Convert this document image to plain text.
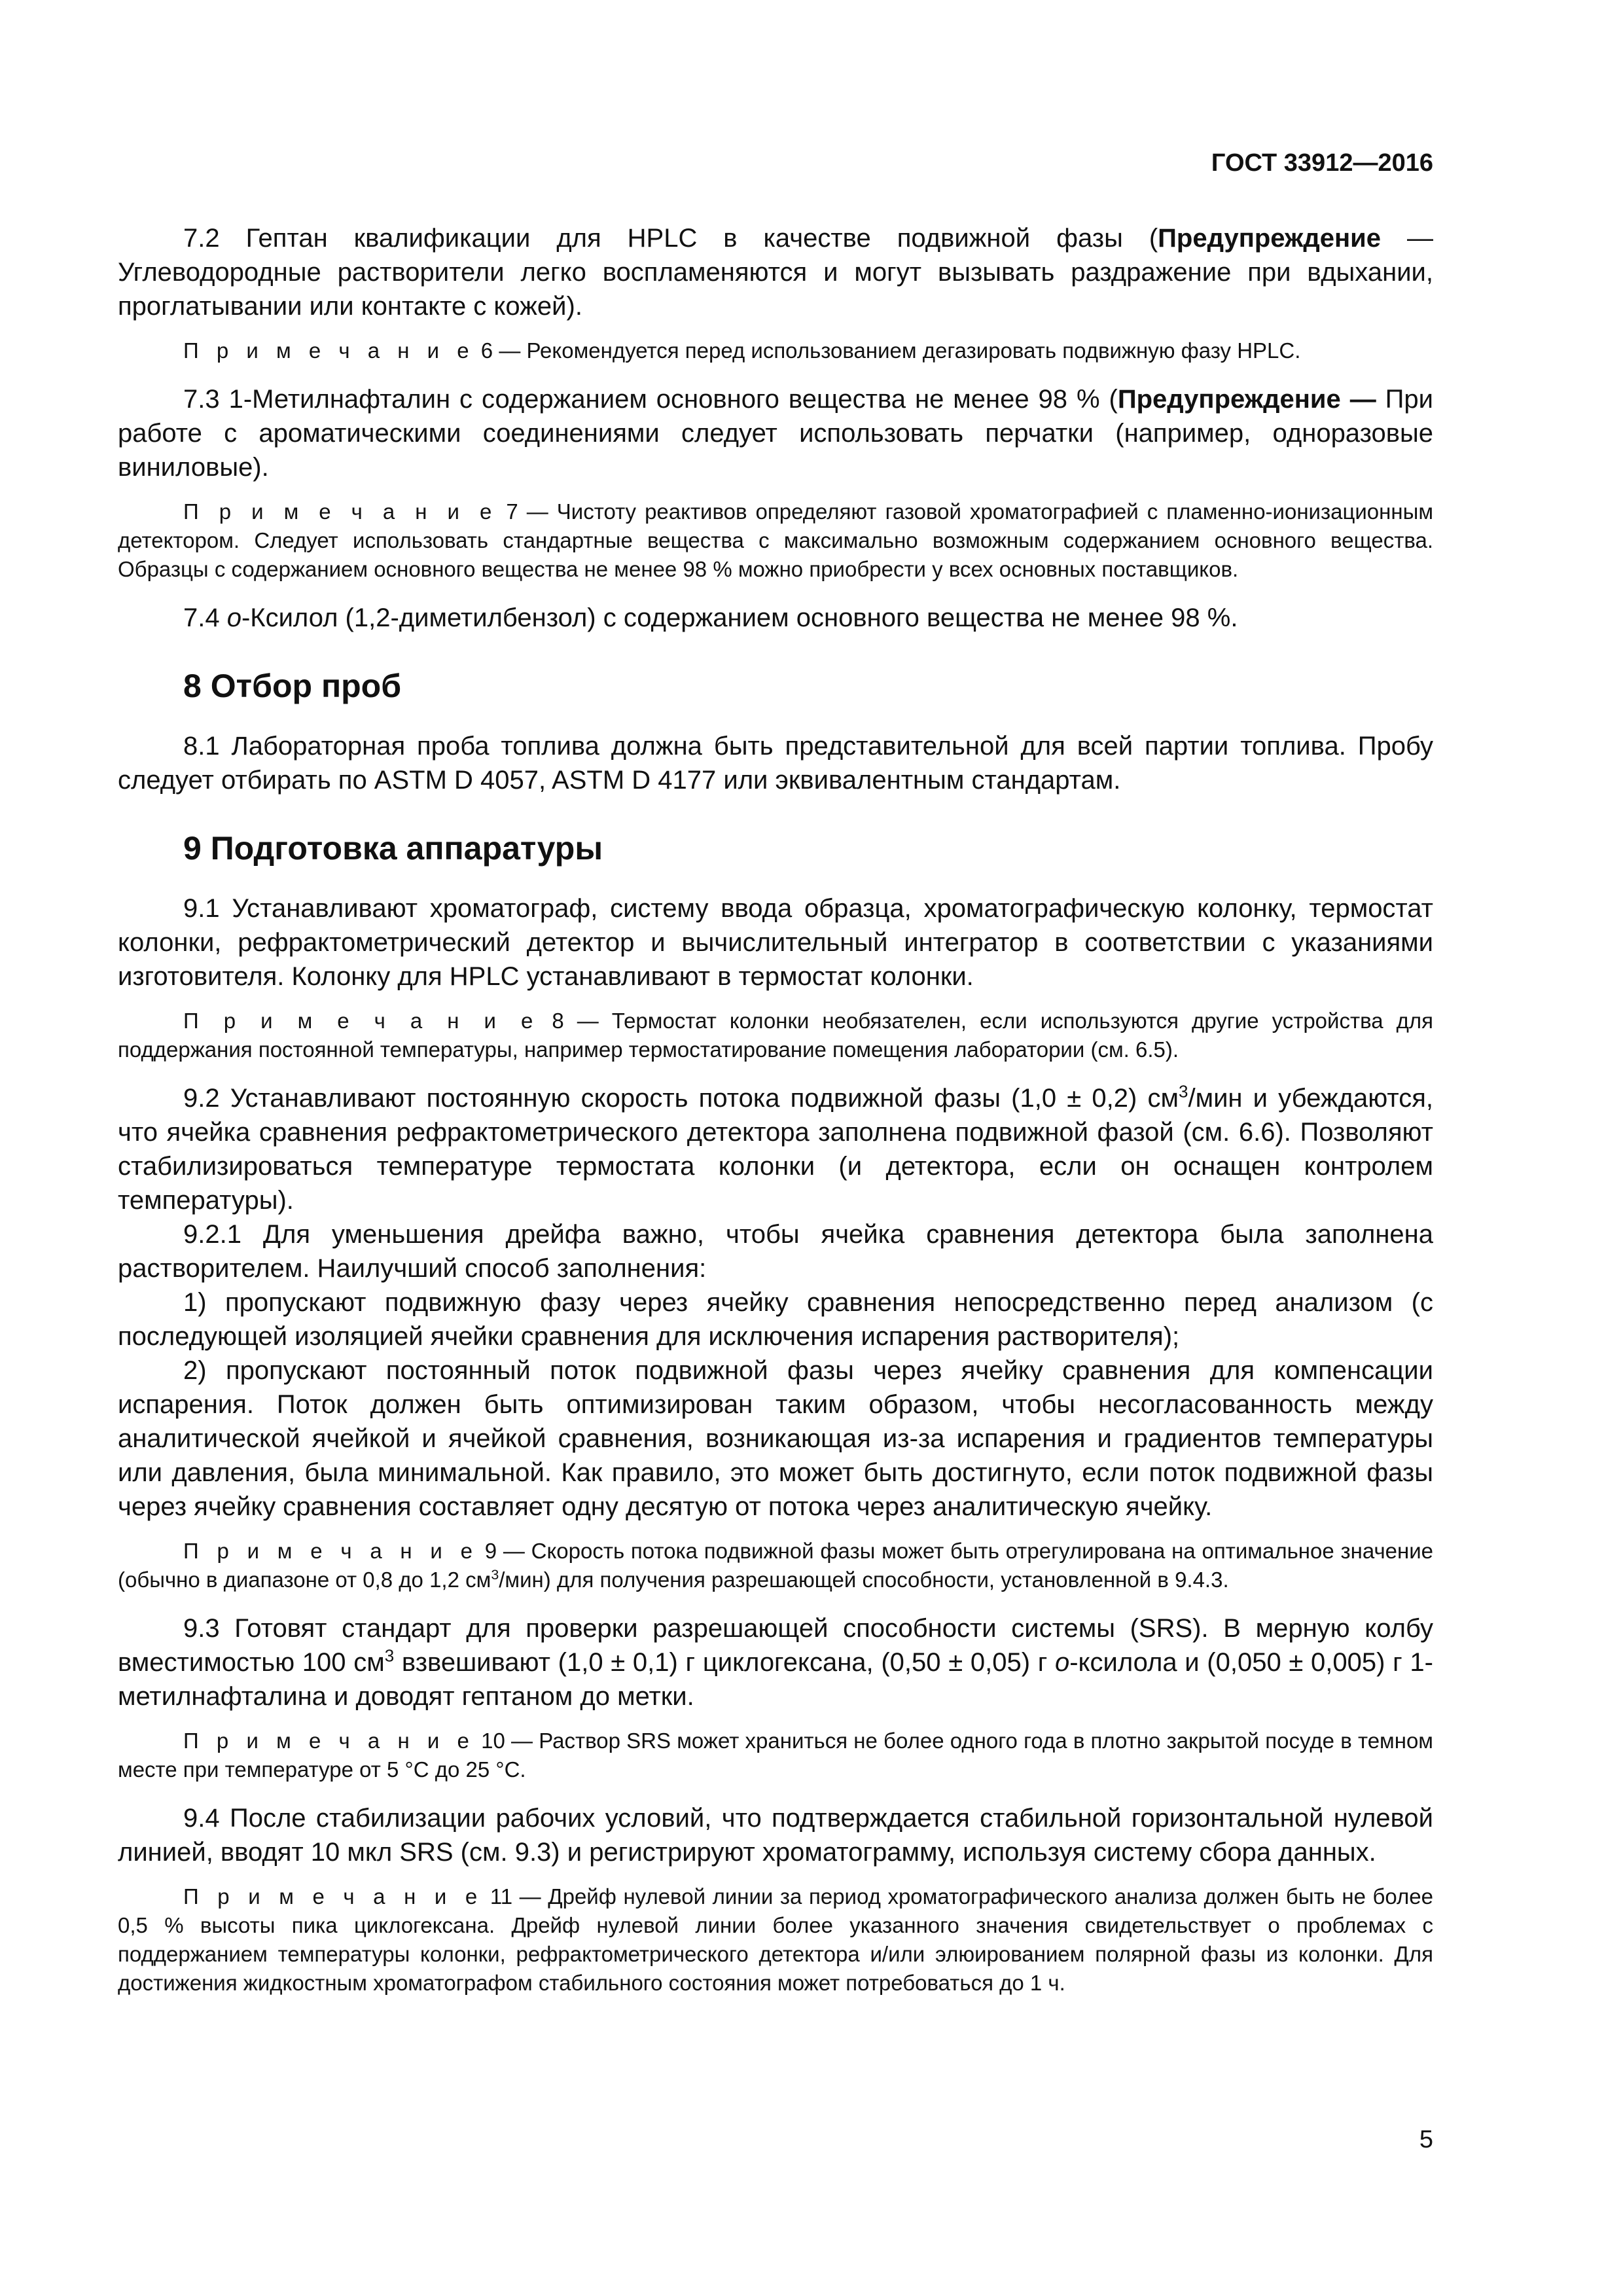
ГОСТ 33912—2016

7.2 Гептан квалификации для HPLC в качестве подвижной фазы (Предупреждение — Углеводородные растворители легко воспламеняются и могут вызывать раздражение при вдыхании, проглатывании или контакте с кожей).

П р и м е ч а н и е 6 — Рекомендуется перед использованием дегазировать подвижную фазу HPLC.

7.3 1-Метилнафталин с содержанием основного вещества не менее 98 % (Предупреждение — При работе с ароматическими соединениями следует использовать перчатки (например, одноразовые виниловые).

П р и м е ч а н и е 7 — Чистоту реактивов определяют газовой хроматографией с пламенно-ионизационным детектором. Следует использовать стандартные вещества с максимально возможным содержанием основного вещества. Образцы с содержанием основного вещества не менее 98 % можно приобрести у всех основных поставщиков.

7.4 o-Ксилол (1,2-диметилбензол) с содержанием основного вещества не менее 98 %.

8 Отбор проб

8.1 Лабораторная проба топлива должна быть представительной для всей партии топлива. Пробу следует отбирать по ASTM D 4057, ASTM D 4177 или эквивалентным стандартам.

9 Подготовка аппаратуры

9.1 Устанавливают хроматограф, систему ввода образца, хроматографическую колонку, термостат колонки, рефрактометрический детектор и вычислительный интегратор в соответствии с указаниями изготовителя. Колонку для HPLC устанавливают в термостат колонки.

П р и м е ч а н и е 8 — Термостат колонки необязателен, если используются другие устройства для поддержания постоянной температуры, например термостатирование помещения лаборатории (см. 6.5).

9.2 Устанавливают постоянную скорость потока подвижной фазы (1,0 ± 0,2) $см^3$/мин и убеждаются, что ячейка сравнения рефрактометрического детектора заполнена подвижной фазой (см. 6.6). Позволяют стабилизироваться температуре термостата колонки (и детектора, если он оснащен контролем температуры).

9.2.1 Для уменьшения дрейфа важно, чтобы ячейка сравнения детектора была заполнена растворителем. Наилучший способ заполнения:

1) пропускают подвижную фазу через ячейку сравнения непосредственно перед анализом (с последующей изоляцией ячейки сравнения для исключения испарения растворителя);

2) пропускают постоянный поток подвижной фазы через ячейку сравнения для компенсации испарения. Поток должен быть оптимизирован таким образом, чтобы несогласованность между аналитической ячейкой и ячейкой сравнения, возникающая из-за испарения и градиентов температуры или давления, была минимальной. Как правило, это может быть достигнуто, если поток подвижной фазы через ячейку сравнения составляет одну десятую от потока через аналитическую ячейку.

П р и м е ч а н и е 9 — Скорость потока подвижной фазы может быть отрегулирована на оптимальное значение (обычно в диапазоне от 0,8 до 1,2 $см^3/мин$) для получения разрешающей способности, установленной в 9.4.3.

9.3 Готовят стандарт для проверки разрешающей способности системы (SRS). В мерную колбу вместимостью 100 $см^3$ взвешивают (1,0 ± 0,1) г циклогексана, (0,50 ± 0,05) г o-ксилола и (0,050 ± 0,005) г 1-метилнафталина и доводят гептаном до метки.

П р и м е ч а н и е 10 — Раствор SRS может храниться не более одного года в плотно закрытой посуде в темном месте при температуре от 5 °C до 25 °C.

9.4 После стабилизации рабочих условий, что подтверждается стабильной горизонтальной нулевой линией, вводят 10 мкл SRS (см. 9.3) и регистрируют хроматограмму, используя систему сбора данных.

П р и м е ч а н и е 11 — Дрейф нулевой линии за период хроматографического анализа должен быть не более 0,5 % высоты пика циклогексана. Дрейф нулевой линии более указанного значения свидетельствует о проблемах с поддержанием температуры колонки, рефрактометрического детектора и/или элюированием полярной фазы из колонки. Для достижения жидкостным хроматографом стабильного состояния может потребоваться до 1 ч.

5
